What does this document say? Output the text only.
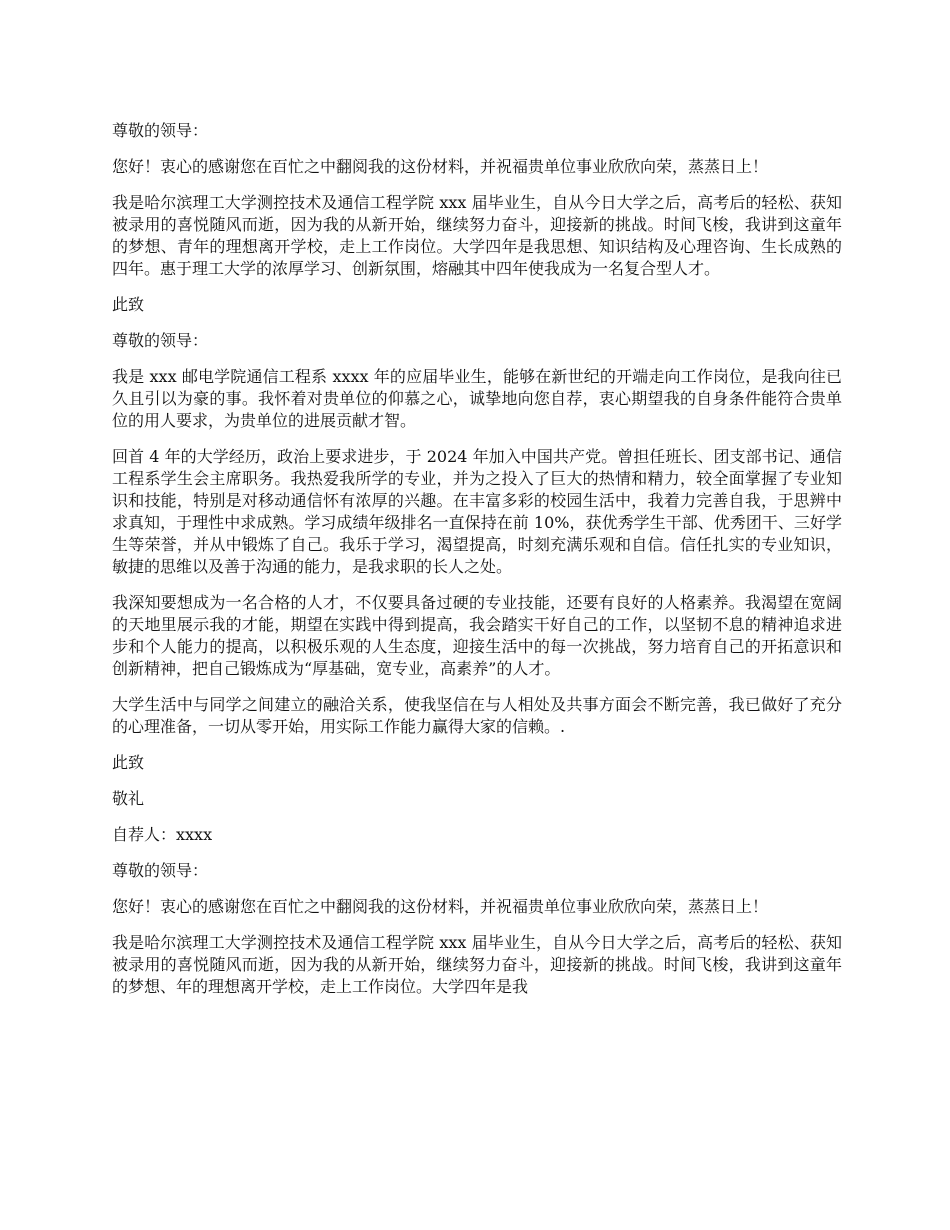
尊敬的领导：

您好！衷心的感谢您在百忙之中翻阅我的这份材料，并祝福贵单位事业欣欣向荣，蒸蒸日上！

我是哈尔滨理工大学测控技术及通信工程学院 xxx 届毕业生，自从今日大学之后，高考后的轻松、获知被录用的喜悦随风而逝，因为我的从新开始，继续努力奋斗，迎接新的挑战。时间飞梭，我讲到这童年的梦想、青年的理想离开学校，走上工作岗位。大学四年是我思想、知识结构及心理咨询、生长成熟的四年。惠于理工大学的浓厚学习、创新氛围，熔融其中四年使我成为一名复合型人才。

此致

尊敬的领导：

我是 xxx 邮电学院通信工程系 xxxx 年的应届毕业生，能够在新世纪的开端走向工作岗位，是我向往已久且引以为豪的事。我怀着对贵单位的仰慕之心，诚挚地向您自荐，衷心期望我的自身条件能符合贵单位的用人要求，为贵单位的进展贡献才智。

回首 4 年的大学经历，政治上要求进步，于 2024 年加入中国共产党。曾担任班长、团支部书记、通信工程系学生会主席职务。我热爱我所学的专业，并为之投入了巨大的热情和精力，较全面掌握了专业知识和技能，特别是对移动通信怀有浓厚的兴趣。在丰富多彩的校园生活中，我着力完善自我，于思辨中求真知，于理性中求成熟。学习成绩年级排名一直保持在前 10%，获优秀学生干部、优秀团干、三好学生等荣誉，并从中锻炼了自己。我乐于学习，渴望提高，时刻充满乐观和自信。信任扎实的专业知识，敏捷的思维以及善于沟通的能力，是我求职的长人之处。

我深知要想成为一名合格的人才，不仅要具备过硬的专业技能，还要有良好的人格素养。我渴望在宽阔的天地里展示我的才能，期望在实践中得到提高，我会踏实干好自己的工作，以坚韧不息的精神追求进步和个人能力的提高，以积极乐观的人生态度，迎接生活中的每一次挑战，努力培育自己的开拓意识和创新精神，把自己锻炼成为“厚基础，宽专业，高素养”的人才。

大学生活中与同学之间建立的融洽关系，使我坚信在与人相处及共事方面会不断完善，我已做好了充分的心理准备，一切从零开始，用实际工作能力赢得大家的信赖。.

此致

敬礼

自荐人：xxxx

尊敬的领导：

您好！衷心的感谢您在百忙之中翻阅我的这份材料，并祝福贵单位事业欣欣向荣，蒸蒸日上！

我是哈尔滨理工大学测控技术及通信工程学院 xxx 届毕业生，自从今日大学之后，高考后的轻松、获知被录用的喜悦随风而逝，因为我的从新开始，继续努力奋斗，迎接新的挑战。时间飞梭，我讲到这童年的梦想、年的理想离开学校，走上工作岗位。大学四年是我
